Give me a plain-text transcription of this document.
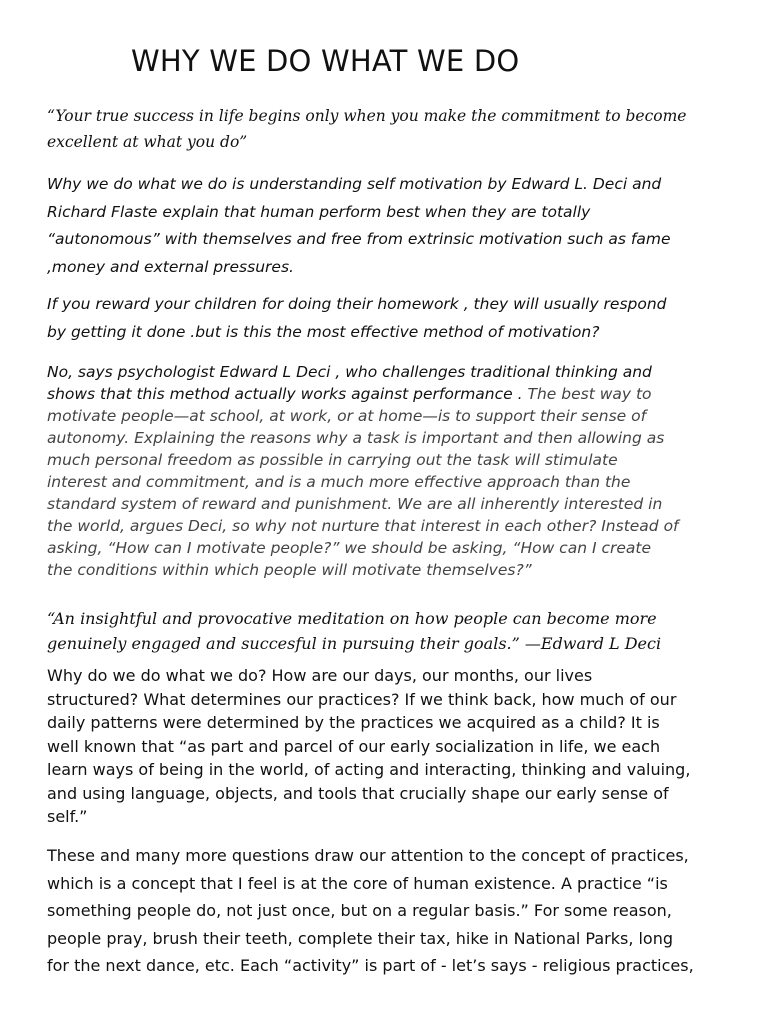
WHY WE DO WHAT WE DO
“Your true success in life begins only when you make the commitment to become
excellent at what you do”
Why we do what we do is understanding self motivation by Edward L. Deci and
Richard Flaste explain that human perform best when they are totally
“autonomous” with themselves and free from extrinsic motivation such as fame
,money and external pressures.
If you reward your children for doing their homework , they will usually respond
by getting it done .but is this the most effective method of motivation?
No, says psychologist Edward L Deci , who challenges traditional thinking and
shows that this method actually works against performance . The best way to
motivate people—at school, at work, or at home—is to support their sense of
autonomy. Explaining the reasons why a task is important and then allowing as
much personal freedom as possible in carrying out the task will stimulate
interest and commitment, and is a much more effective approach than the
standard system of reward and punishment. We are all inherently interested in
the world, argues Deci, so why not nurture that interest in each other? Instead of
asking, “How can I motivate people?” we should be asking, “How can I create
the conditions within which people will motivate themselves?”
“An insightful and provocative meditation on how people can become more
genuinely engaged and succesful in pursuing their goals.” —Edward L Deci
Why do we do what we do? How are our days, our months, our lives
structured? What determines our practices? If we think back, how much of our
daily patterns were determined by the practices we acquired as a child? It is
well known that “as part and parcel of our early socialization in life, we each
learn ways of being in the world, of acting and interacting, thinking and valuing,
and using language, objects, and tools that crucially shape our early sense of
self.”
These and many more questions draw our attention to the concept of practices,
which is a concept that I feel is at the core of human existence. A practice “is
something people do, not just once, but on a regular basis.” For some reason,
people pray, brush their teeth, complete their tax, hike in National Parks, long
for the next dance, etc. Each “activity” is part of - let’s says - religious practices,
